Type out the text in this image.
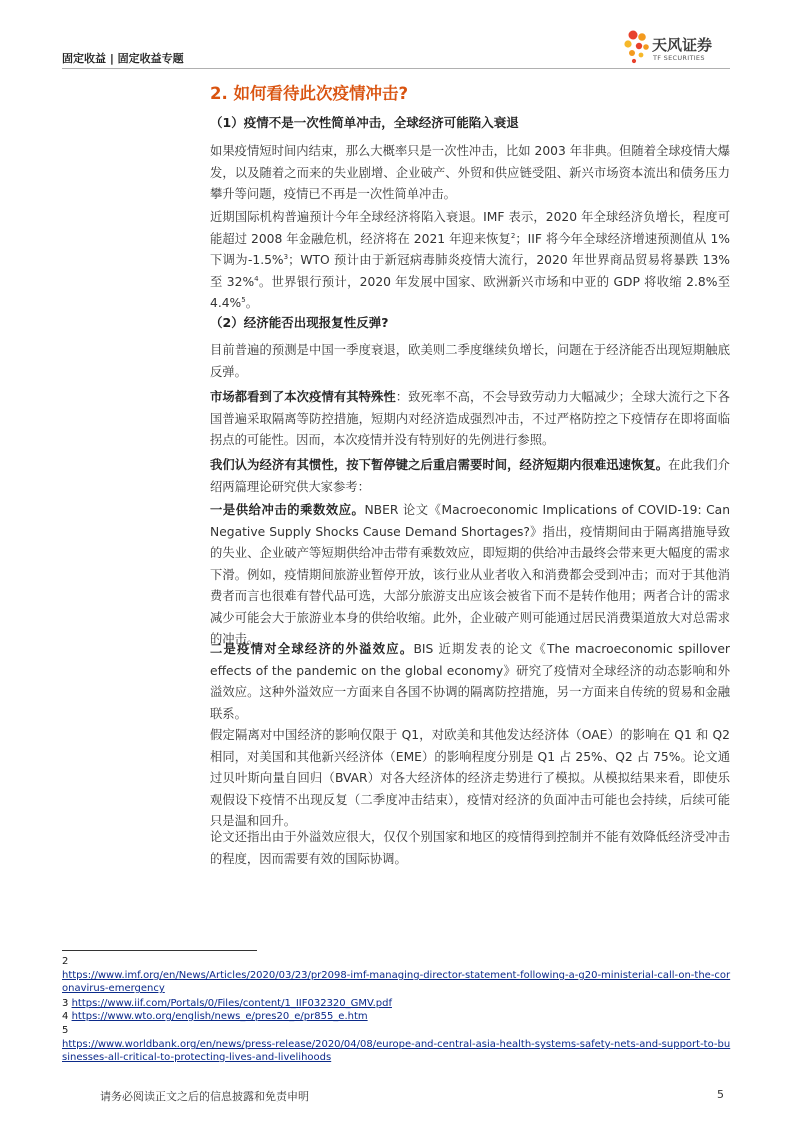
固定收益 | 固定收益专题
天风证券
TF SECURITIES
2. 如何看待此次疫情冲击?
（1）疫情不是一次性简单冲击，全球经济可能陷入衰退
如果疫情短时间内结束，那么大概率只是一次性冲击，比如 2003 年非典。但随着全球疫情大爆发，以及随着之而来的失业剧增、企业破产、外贸和供应链受阻、新兴市场资本流出和债务压力攀升等问题，疫情已不再是一次性简单冲击。
近期国际机构普遍预计今年全球经济将陷入衰退。IMF 表示，2020 年全球经济负增长，程度可能超过 2008 年金融危机，经济将在 2021 年迎来恢复$^2$；IIF 将今年全球经济增速预测值从 1%下调为-1.5%$^3$；WTO 预计由于新冠病毒肺炎疫情大流行，2020 年世界商品贸易将暴跌 13%至 32%$^4$。世界银行预计，2020 年发展中国家、欧洲新兴市场和中亚的 GDP 将收缩 2.8%至 4.4%$^5$。
（2）经济能否出现报复性反弹?
目前普遍的预测是中国一季度衰退，欧美则二季度继续负增长，问题在于经济能否出现短期触底反弹。
市场都看到了本次疫情有其特殊性：致死率不高，不会导致劳动力大幅减少；全球大流行之下各国普遍采取隔离等防控措施，短期内对经济造成强烈冲击，不过严格防控之下疫情存在即将面临拐点的可能性。因而，本次疫情并没有特别好的先例进行参照。
我们认为经济有其惯性，按下暂停键之后重启需要时间，经济短期内很难迅速恢复。在此我们介绍两篇理论研究供大家参考：
一是供给冲击的乘数效应。NBER 论文《Macroeconomic Implications of COVID-19: Can Negative Supply Shocks Cause Demand Shortages?》指出，疫情期间由于隔离措施导致的失业、企业破产等短期供给冲击带有乘数效应，即短期的供给冲击最终会带来更大幅度的需求下滑。例如，疫情期间旅游业暂停开放，该行业从业者收入和消费都会受到冲击；而对于其他消费者而言也很难有替代品可选，大部分旅游支出应该会被省下而不是转作他用；两者合计的需求减少可能会大于旅游业本身的供给收缩。此外，企业破产则可能通过居民消费渠道放大对总需求的冲击。
二是疫情对全球经济的外溢效应。BIS 近期发表的论文《The macroeconomic spillover effects of the pandemic on the global economy》研究了疫情对全球经济的动态影响和外溢效应。这种外溢效应一方面来自各国不协调的隔离防控措施，另一方面来自传统的贸易和金融联系。
假定隔离对中国经济的影响仅限于 Q1，对欧美和其他发达经济体（OAE）的影响在 Q1 和 Q2 相同，对美国和其他新兴经济体（EME）的影响程度分别是 Q1 占 25%、Q2 占 75%。论文通过贝叶斯向量自回归（BVAR）对各大经济体的经济走势进行了模拟。从模拟结果来看，即使乐观假设下疫情不出现反复（二季度冲击结束），疫情对经济的负面冲击可能也会持续，后续可能只是温和回升。
论文还指出由于外溢效应很大，仅仅个别国家和地区的疫情得到控制并不能有效降低经济受冲击的程度，因而需要有效的国际协调。
2
https://www.imf.org/en/News/Articles/2020/03/23/pr2098-imf-managing-director-statement-following-a-g20-ministerial-call-on-the-coronavirus-emergency
3 https://www.iif.com/Portals/0/Files/content/1_IIF032320_GMV.pdf
4 https://www.wto.org/english/news_e/pres20_e/pr855_e.htm
5
https://www.worldbank.org/en/news/press-release/2020/04/08/europe-and-central-asia-health-systems-safety-nets-and-support-to-businesses-all-critical-to-protecting-lives-and-livelihoods
请务必阅读正文之后的信息披露和免责申明	5
